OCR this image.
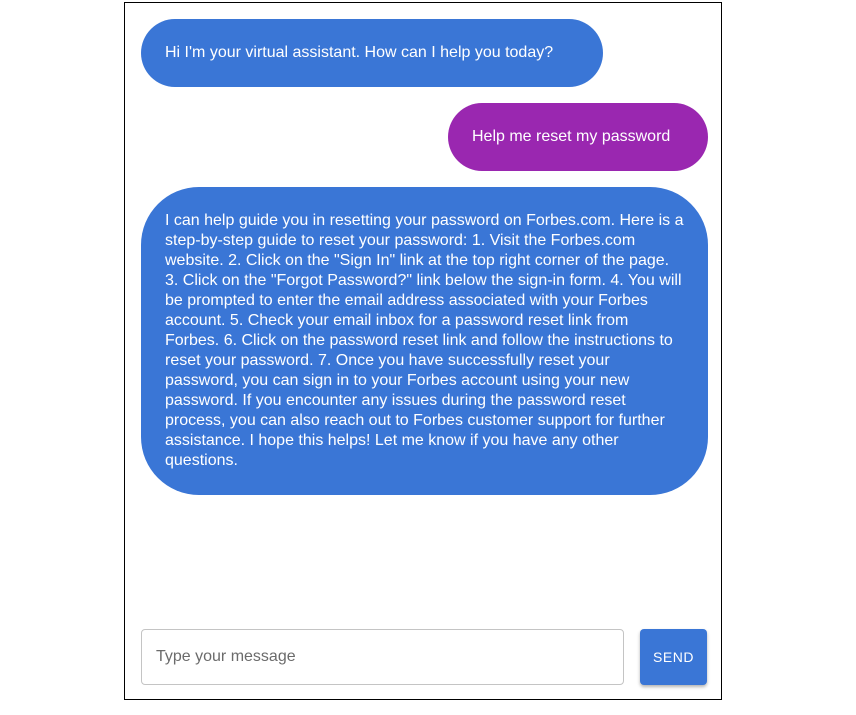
Hi I'm your virtual assistant. How can I help you today?
Help me reset my password
I can help guide you in resetting your password on Forbes.com. Here is a step-by-step guide to reset your password: 1. Visit the Forbes.com website. 2. Click on the "Sign In" link at the top right corner of the page. 3. Click on the "Forgot Password?" link below the sign-in form. 4. You will be prompted to enter the email address associated with your Forbes account. 5. Check your email inbox for a password reset link from Forbes. 6. Click on the password reset link and follow the instructions to reset your password. 7. Once you have successfully reset your password, you can sign in to your Forbes account using your new password. If you encounter any issues during the password reset process, you can also reach out to Forbes customer support for further assistance. I hope this helps! Let me know if you have any other questions.
Type your message
SEND
